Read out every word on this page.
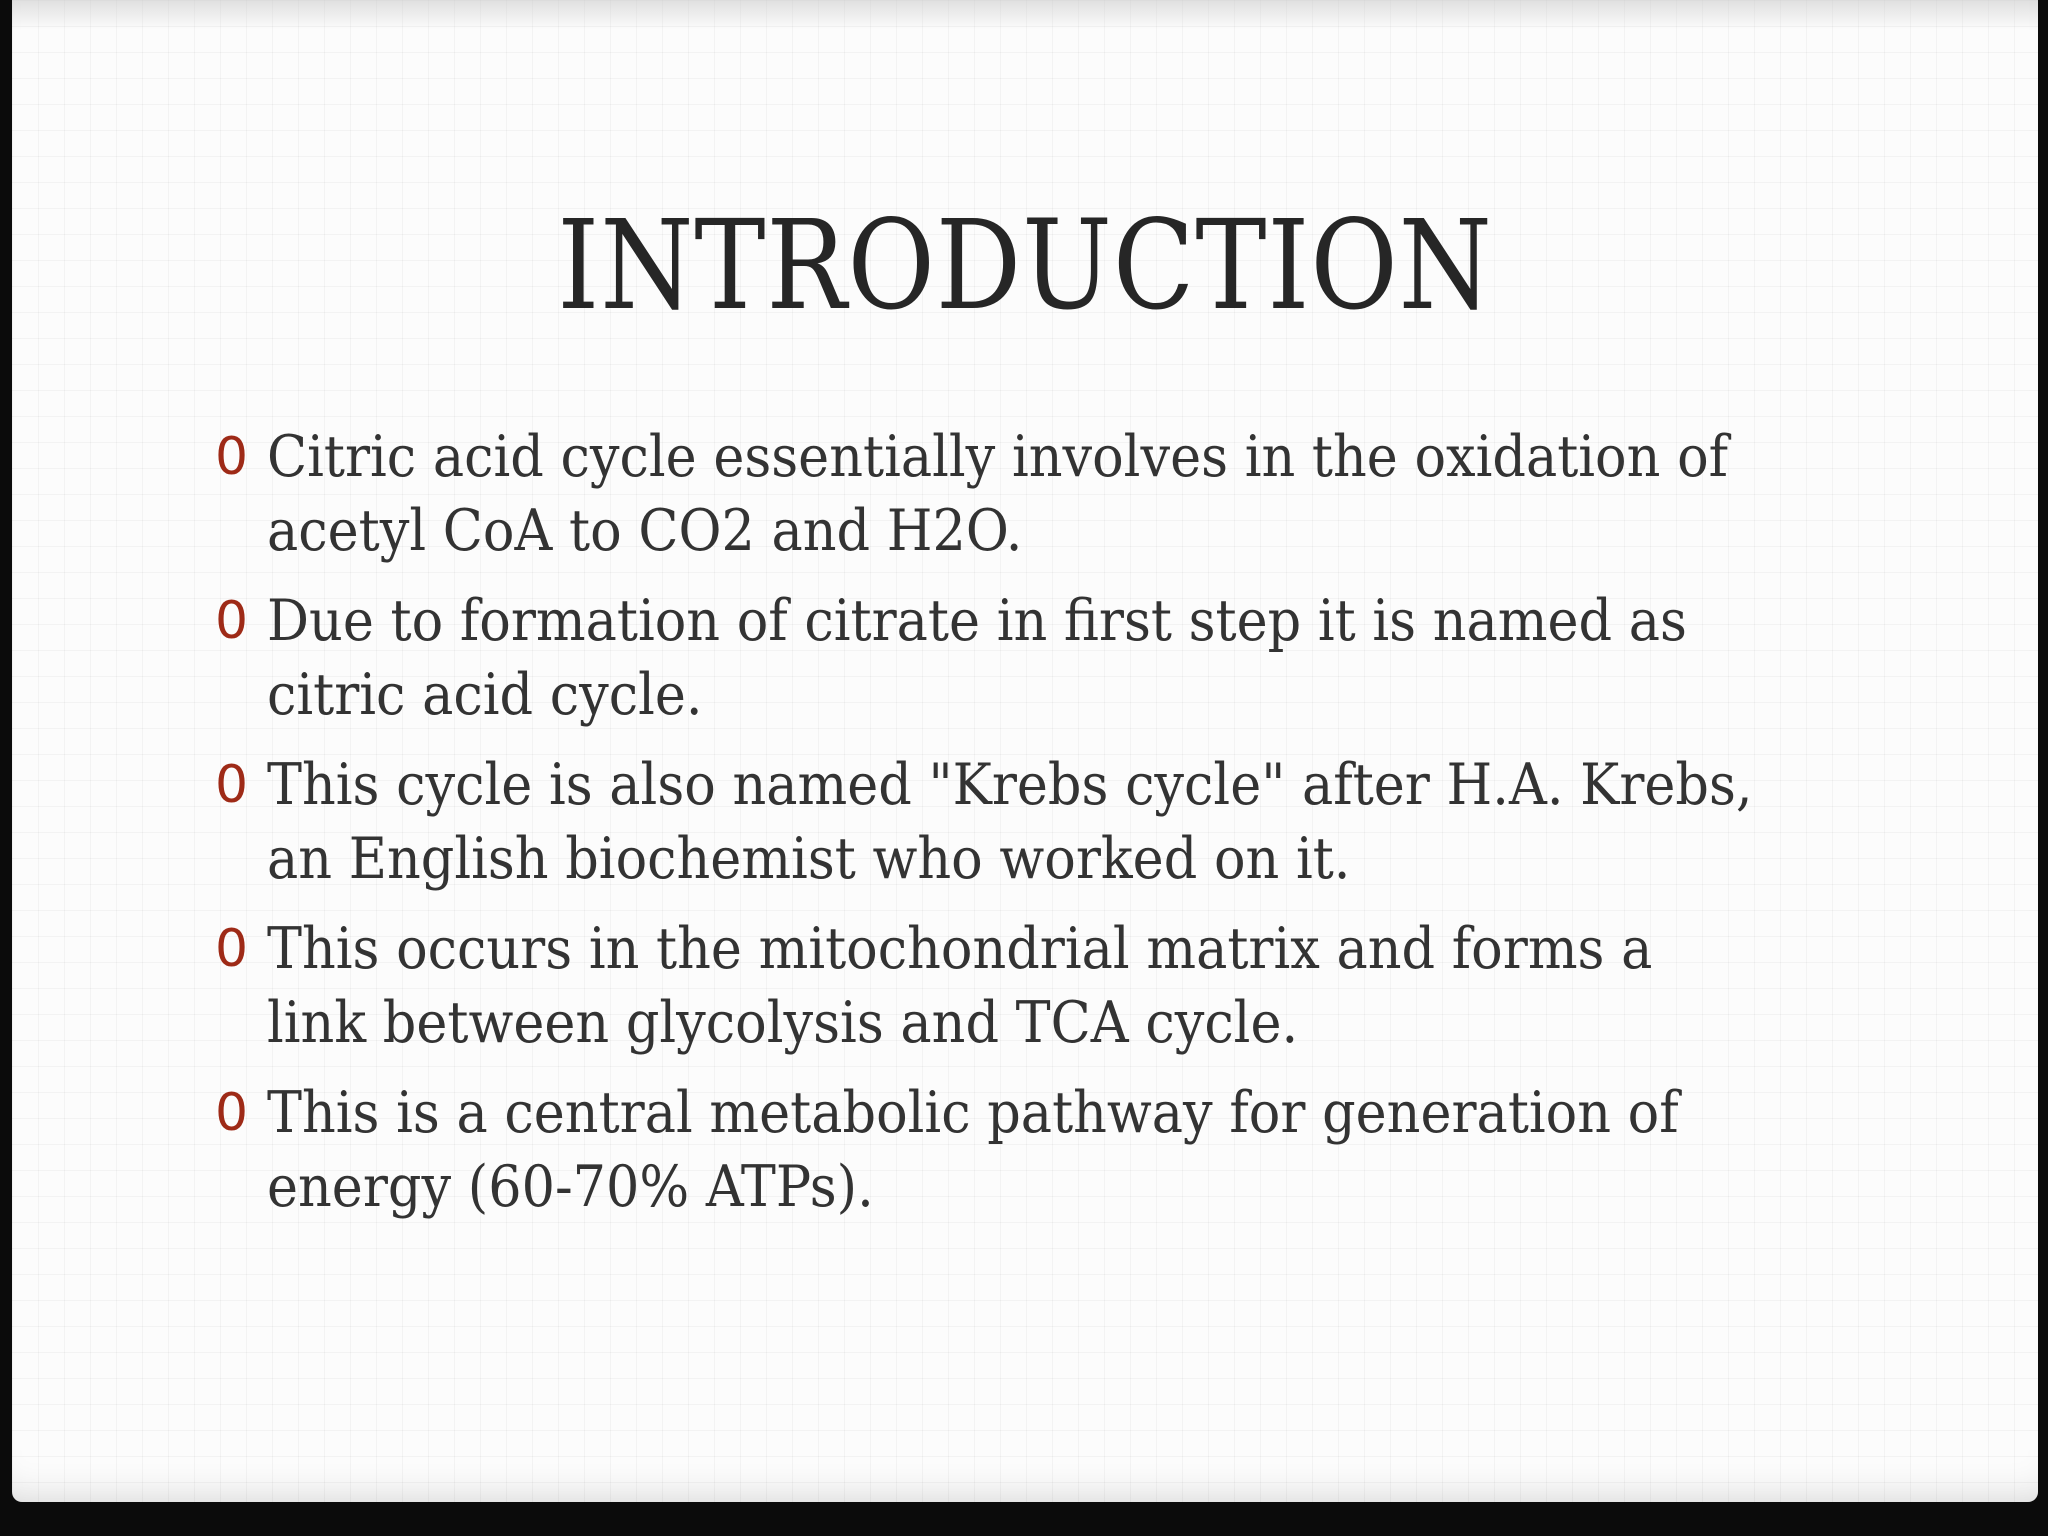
INTRODUCTION
0 Citric acid cycle essentially involves in the oxidation of
acetyl CoA to CO2 and H2O.
0 Due to formation of citrate in first step it is named as
citric acid cycle.
0 This cycle is also named "Krebs cycle" after H.A. Krebs,
an English biochemist who worked on it.
0 This occurs in the mitochondrial matrix and forms a
link between glycolysis and TCA cycle.
0 This is a central metabolic pathway for generation of
energy (60-70% ATPs).
